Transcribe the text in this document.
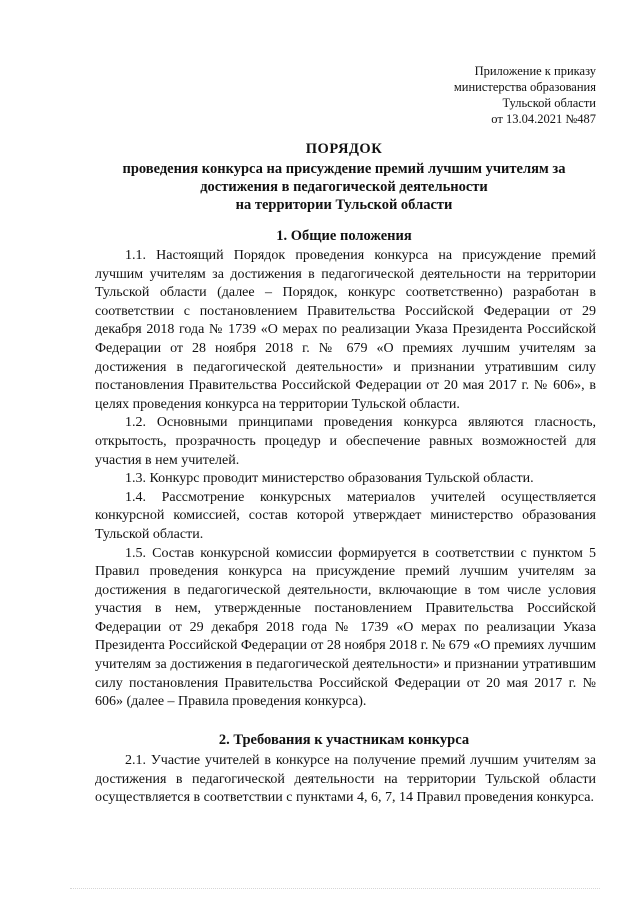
Приложение к приказу
министерства образования
Тульской области
от 13.04.2021 №487
ПОРЯДОК
проведения конкурса на присуждение премий лучшим учителям за
достижения в педагогической деятельности
на территории Тульской области
1. Общие положения

1.1. Настоящий Порядок проведения конкурса на присуждение премий лучшим учителям за достижения в педагогической деятельности на территории Тульской области (далее – Порядок, конкурс соответственно) разработан в соответствии с постановлением Правительства Российской Федерации от 29 декабря 2018 года № 1739 «О мерах по реализации Указа Президента Российской Федерации от 28 ноября 2018 г. № 679 «О премиях лучшим учителям за достижения в педагогической деятельности» и признании утратившим силу постановления Правительства Российской Федерации от 20 мая 2017 г. № 606», в целях проведения конкурса на территории Тульской области.

1.2. Основными принципами проведения конкурса являются гласность, открытость, прозрачность процедур и обеспечение равных возможностей для участия в нем учителей.

1.3. Конкурс проводит министерство образования Тульской области.

1.4. Рассмотрение конкурсных материалов учителей осуществляется конкурсной комиссией, состав которой утверждает министерство образования Тульской области.

1.5. Состав конкурсной комиссии формируется в соответствии с пунктом 5 Правил проведения конкурса на присуждение премий лучшим учителям за достижения в педагогической деятельности, включающие в том числе условия участия в нем, утвержденные постановлением Правительства Российской Федерации от 29 декабря 2018 года № 1739 «О мерах по реализации Указа Президента Российской Федерации от 28 ноября 2018 г. № 679 «О премиях лучшим учителям за достижения в педагогической деятельности» и признании утратившим силу постановления Правительства Российской Федерации от 20 мая 2017 г. № 606» (далее – Правила проведения конкурса).

2. Требования к участникам конкурса

2.1. Участие учителей в конкурсе на получение премий лучшим учителям за достижения в педагогической деятельности на территории Тульской области осуществляется в соответствии с пунктами 4, 6, 7, 14 Правил проведения конкурса.
